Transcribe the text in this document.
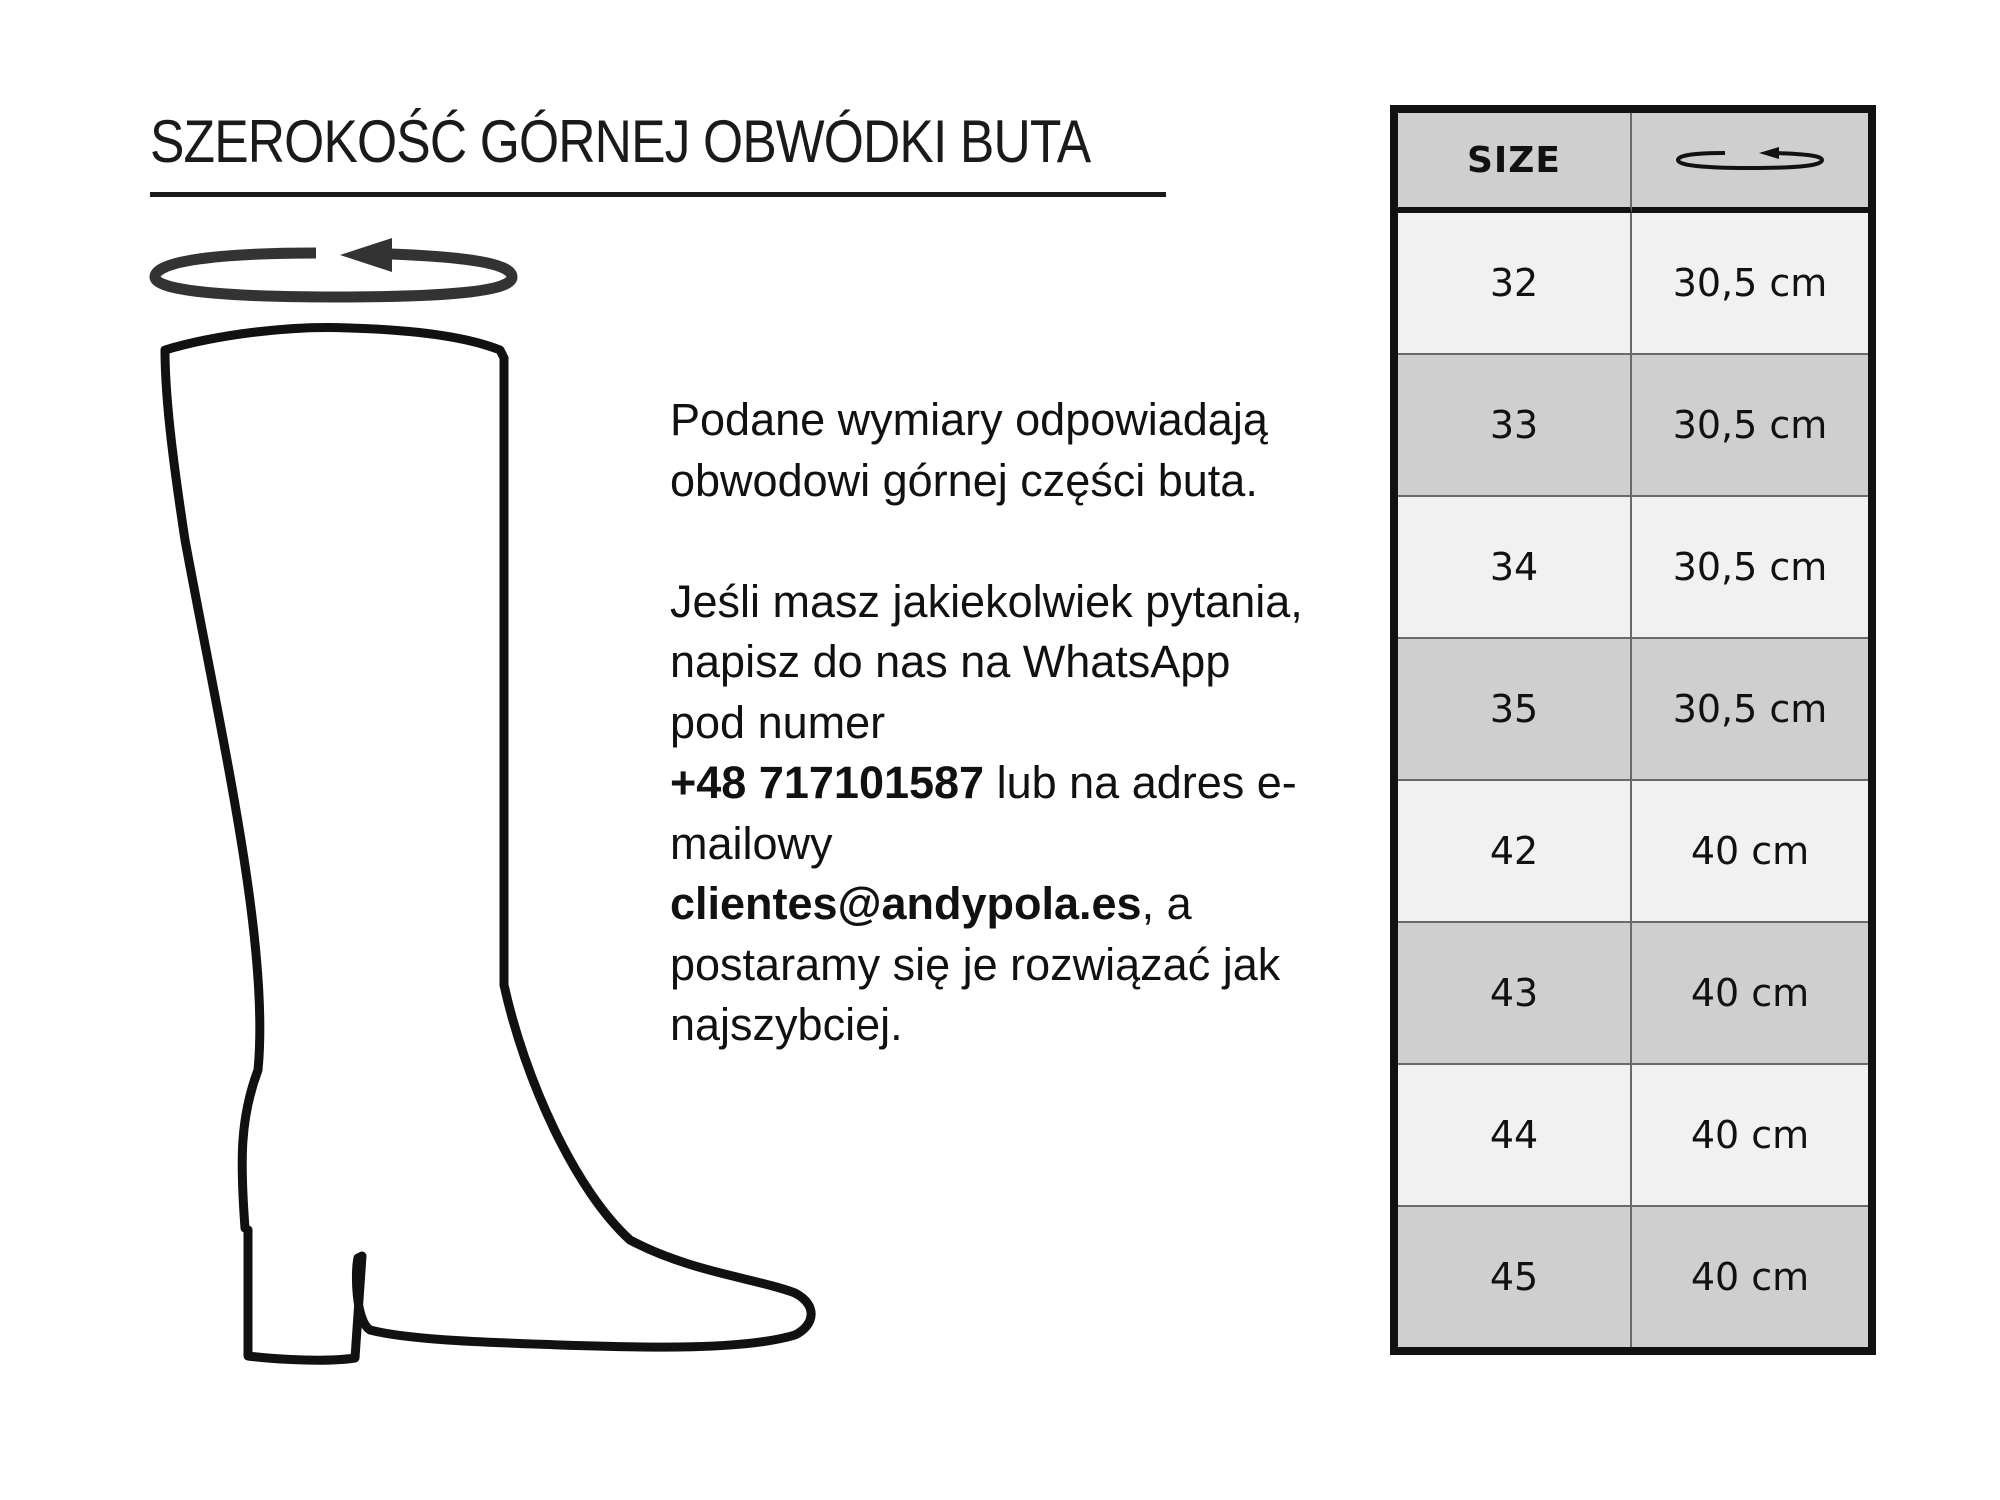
SZEROKOŚĆ GÓRNEJ OBWÓDKI BUTA

Podane wymiary odpowiadają obwodowi górnej części buta.

Jeśli masz jakiekolwiek pytania, napisz do nas na WhatsApp pod numer
+48 717101587 lub na adres e-mailowy
clientes@andypola.es, a postaramy się je rozwiązać jak najszybciej.

SIZE	

32	30,5 cm
33	30,5 cm
34	30,5 cm
35	30,5 cm
42	40 cm
43	40 cm
44	40 cm
45	40 cm
